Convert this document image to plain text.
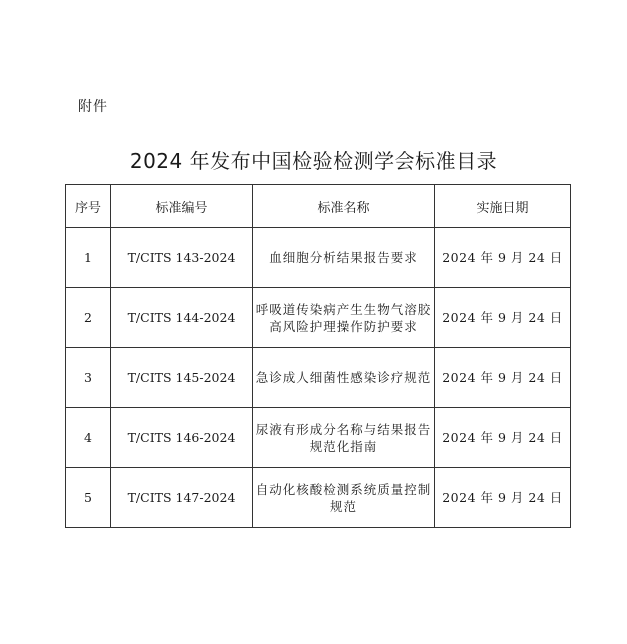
附件
2024 年发布中国检验检测学会标准目录
序号	标准编号	标准名称	实施日期
1	T/CITS 143-2024	血细胞分析结果报告要求	2024 年 9 月 24 日
2	T/CITS 144-2024	呼吸道传染病产生生物气溶胶高风险护理操作防护要求	2024 年 9 月 24 日
3	T/CITS 145-2024	急诊成人细菌性感染诊疗规范	2024 年 9 月 24 日
4	T/CITS 146-2024	尿液有形成分名称与结果报告规范化指南	2024 年 9 月 24 日
5	T/CITS 147-2024	自动化核酸检测系统质量控制规范	2024 年 9 月 24 日
